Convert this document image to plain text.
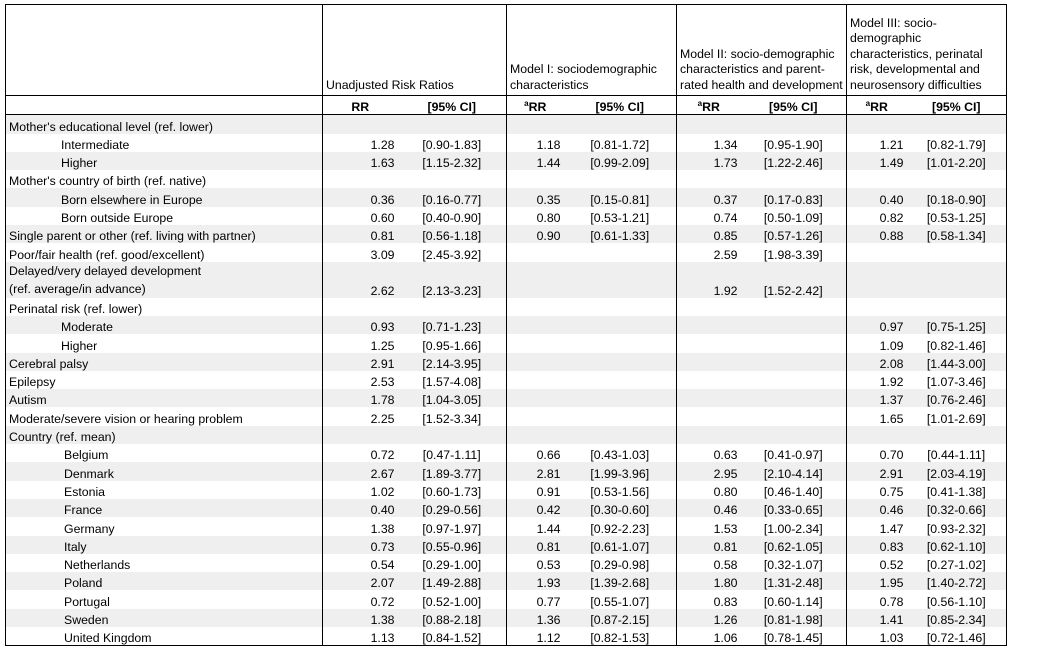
	Unadjusted Risk Ratios		Model I: sociodemographic characteristics		Model II: socio-demographic characteristics and parent-rated health and development		Model III: socio-demographic characteristics, perinatal risk, developmental and neurosensory difficulties	
	RR	[95% CI]	$^a$RR	[95% CI]	$^a$RR	[95% CI]	$^a$RR	[95% CI]
Mother's educational level (ref. lower)								
Intermediate	1.28	[0.90-1.83]	1.18	[0.81-1.72]	1.34	[0.95-1.90]	1.21	[0.82-1.79]
Higher	1.63	[1.15-2.32]	1.44	[0.99-2.09]	1.73	[1.22-2.46]	1.49	[1.01-2.20]
Mother's country of birth (ref. native)								
Born elsewhere in Europe	0.36	[0.16-0.77]	0.35	[0.15-0.81]	0.37	[0.17-0.83]	0.40	[0.18-0.90]
Born outside Europe	0.60	[0.40-0.90]	0.80	[0.53-1.21]	0.74	[0.50-1.09]	0.82	[0.53-1.25]
Single parent or other (ref. living with partner)	0.81	[0.56-1.18]	0.90	[0.61-1.33]	0.85	[0.57-1.26]	0.88	[0.58-1.34]
Poor/fair health (ref. good/excellent)	3.09	[2.45-3.92]			2.59	[1.98-3.39]		

Delayed/very delayed development
(ref. average/in advance)	2.62	[2.13-3.23]			1.92	[1.52-2.42]		
Perinatal risk (ref. lower)								
Moderate	0.93	[0.71-1.23]					0.97	[0.75-1.25]
Higher	1.25	[0.95-1.66]					1.09	[0.82-1.46]
Cerebral palsy	2.91	[2.14-3.95]					2.08	[1.44-3.00]
Epilepsy	2.53	[1.57-4.08]					1.92	[1.07-3.46]
Autism	1.78	[1.04-3.05]					1.37	[0.76-2.46]
Moderate/severe vision or hearing problem	2.25	[1.52-3.34]					1.65	[1.01-2.69]
Country (ref. mean)								
Belgium	0.72	[0.47-1.11]	0.66	[0.43-1.03]	0.63	[0.41-0.97]	0.70	[0.44-1.11]
Denmark	2.67	[1.89-3.77]	2.81	[1.99-3.96]	2.95	[2.10-4.14]	2.91	[2.03-4.19]
Estonia	1.02	[0.60-1.73]	0.91	[0.53-1.56]	0.80	[0.46-1.40]	0.75	[0.41-1.38]
France	0.40	[0.29-0.56]	0.42	[0.30-0.60]	0.46	[0.33-0.65]	0.46	[0.32-0.66]
Germany	1.38	[0.97-1.97]	1.44	[0.92-2.23]	1.53	[1.00-2.34]	1.47	[0.93-2.32]
Italy	0.73	[0.55-0.96]	0.81	[0.61-1.07]	0.81	[0.62-1.05]	0.83	[0.62-1.10]
Netherlands	0.54	[0.29-1.00]	0.53	[0.29-0.98]	0.58	[0.32-1.07]	0.52	[0.27-1.02]
Poland	2.07	[1.49-2.88]	1.93	[1.39-2.68]	1.80	[1.31-2.48]	1.95	[1.40-2.72]
Portugal	0.72	[0.52-1.00]	0.77	[0.55-1.07]	0.83	[0.60-1.14]	0.78	[0.56-1.10]
Sweden	1.38	[0.88-2.18]	1.36	[0.87-2.15]	1.26	[0.81-1.98]	1.41	[0.85-2.34]
United Kingdom	1.13	[0.84-1.52]	1.12	[0.82-1.53]	1.06	[0.78-1.45]	1.03	[0.72-1.46]
